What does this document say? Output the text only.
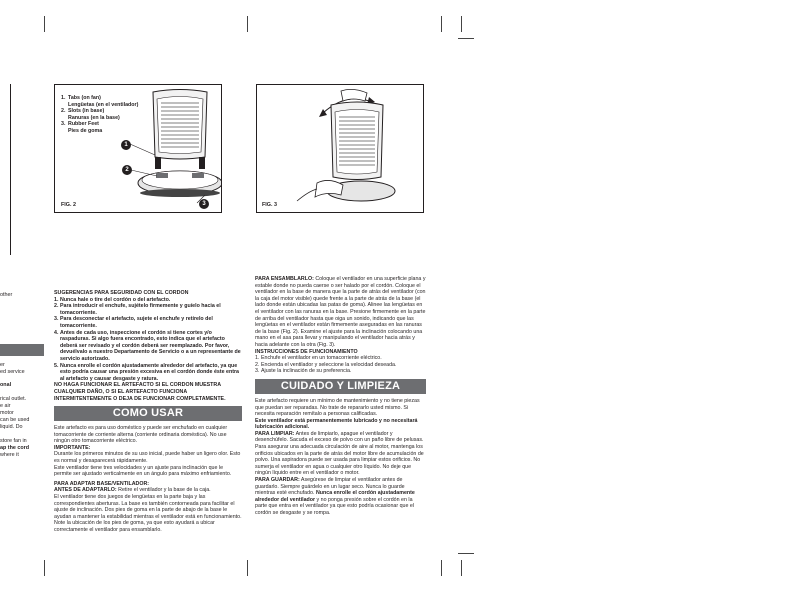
other
er
ed service
onal
rical outlet.
e air
motor
can be used
liquid. Do
store fan in
ap the cord
where it
1. Tabs (on fan)
Lengüetas (en el ventilador)
2. Slots (in base)
Ranuras (en la base)
3. Rubber Feet
Pies de goma
1
2
3
FIG. 2	FIG. 3

SUGERENCIAS PARA SEGURIDAD CON EL CORDON

1. Nunca hale o tire del cordón o del artefacto.
2. Para introducir el enchufe, sujételo firmemente y guíelo hacia el tomacorriente.
3. Para desconectar el artefacto, sujete el enchufe y retírelo del tomacorriente.
4. Antes de cada uso, inspeccione el cordón si tiene cortes y/o raspaduras. Si algo fuera encontrado, esto indica que el artefacto deberá ser revisado y el cordón deberá ser reemplazado. Por favor, devuélvalo a nuestro Departamento de Servicio o a un representante de servicio autorizado.
5. Nunca enrolle el cordón ajustadamente alrededor del artefacto, ya que esto podría causar una presión excesiva en el cordón donde éste entra al artefacto y causar desgaste y ratura.

NO HAGA FUNCIONAR EL ARTEFACTO SI EL CORDON MUESTRA CUALQUIER DAÑO, O SI EL ARTEFACTO FUNCIONA INTERMITENTEMENTE O DEJA DE FUNCIONAR COMPLETAMENTE.

COMO USAR

Este artefacto es para uso doméstico y puede ser enchufado en cualquier tomacorriente de corriente alterna (corriente ordinaria doméstica). No use ningún otro tomacorriente eléctrico.

IMPORTANTE:

Durante los primeros minutos de su uso inicial, puede haber un ligero olor. Esto es normal y desaparecerá rápidamente.

Este ventilador tiene tres velocidades y un ajuste para inclinación que le permite ser ajustado verticalmente en un ángulo para máximo enfriamiento.

PARA ADAPTAR BASE/VENTILADOR:

ANTES DE ADAPTARLO: Retire el ventilador y la base de la caja.

El ventilador tiene dos juegos de lengüetas en la parte baja y las correspondientes aberturas. La base es también contorneada para facilitar el ajuste de inclinación. Dos pies de goma en la parte de abajo de la base le ayudan a mantener la estabilidad mientras el ventilador está en funcionamiento. Note la ubicación de los pies de goma, ya que esto ayudará a ubicar correctamente el ventilador para ensamblarlo.

PARA ENSAMBLARLO: Coloque el ventilador en una superficie plana y estable donde no pueda caerse o ser halado por el cordón. Coloque el ventilador en la base de manera que la parte de atrás del ventilador (con la caja del motor visible) quede frente a la parte de atrás de la base (el lado donde están ubicadas las patas de goma). Alinee las lengüetas en el ventilador con las ranuras en la base. Presione firmemente en la parte de arriba del ventilador hasta que oiga un sonido, indicando que las lengüetas en el ventilador están firmemente aseguradas en las ranuras de la base (Fig. 2). Examine el ajuste para la inclinación colocando una mano en el asa para llevar y manipulando el ventilador hacia atrás y hacia adelante con la otra (Fig. 3).

INSTRUCCIONES DE FUNCIONAMIENTO

1. Enchufe el ventilador en un tomacorriente eléctrico.
2. Encienda el ventilador y seleccione la velocidad deseada.
3. Ajuste la inclinación de su preferencia.
CUIDADO Y LIMPIEZA

Este artefacto requiere un mínimo de mantenimiento y no tiene piezas que puedan ser reparadas. No trate de repararlo usted mismo. Si necesita reparación remítalo a personas calificadas.

Este ventilador está permanentemente lubricado y no necesitará lubricación adicional.

PARA LIMPIAR: Antes de limpiarlo, apague el ventilador y desenchúfelo. Sacuda el exceso de polvo con un paño libre de pelusas.

Para asegurar una adecuada circulación de aire al motor, mantenga los orificios ubicados en la parte de atrás del motor libre de acumulación de polvo. Una aspiradora puede ser usada para limpiar estos orificios. No sumerja el ventilador en agua o cualquier otro líquido. No deje que ningún líquido entre en el ventilador o motor.

PARA GUARDAR: Asegúrese de limpiar el ventilador antes de guardarlo. Siempre guárdelo en un lugar seco. Nunca lo guarde mientras esté enchufado. Nunca enrolle el cordón ajustadamente alrededor del ventilador y no ponga presión sobre el cordón en la parte que entra en el ventilador ya que esto podría ocasionar que el cordón se desgaste y se rompa.
